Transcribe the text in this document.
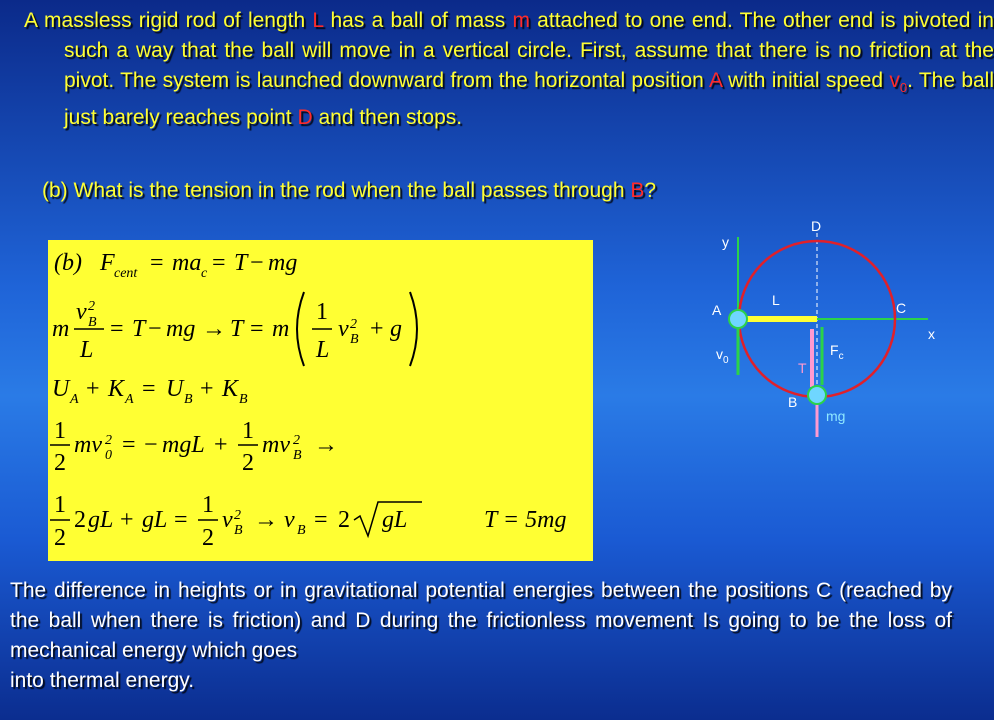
A massless rigid rod of length L has a ball of mass m attached to one end. The other end is pivoted in such a way that the ball will move in a vertical circle. First, assume that there is no friction at the pivot. The system is launched downward from the horizontal position A with initial speed $v_0$. The ball just barely reaches point D and then stops.
(b) What is the tension in the rod when the ball passes through B?
(b) F cent = ma c = T − mg
m
v 2
B
L
= T − mg → T = m
1
L
v 2
B + g
U A + K A = U B + K B
1
2
mv 2
0 = − mgL +
1
2
mv 2
B →
1
2
2 gL + gL =
1
2
v 2
B → v B = 2 gL	T = 5mg
D
y
A
L	C
x
$v_0$
$F_c$
T
B
mg
The difference in heights or in gravitational potential energies between the positions C (reached by the ball when there is friction) and D during the frictionless movement Is going to be the loss of mechanical energy which goes
into thermal energy.
